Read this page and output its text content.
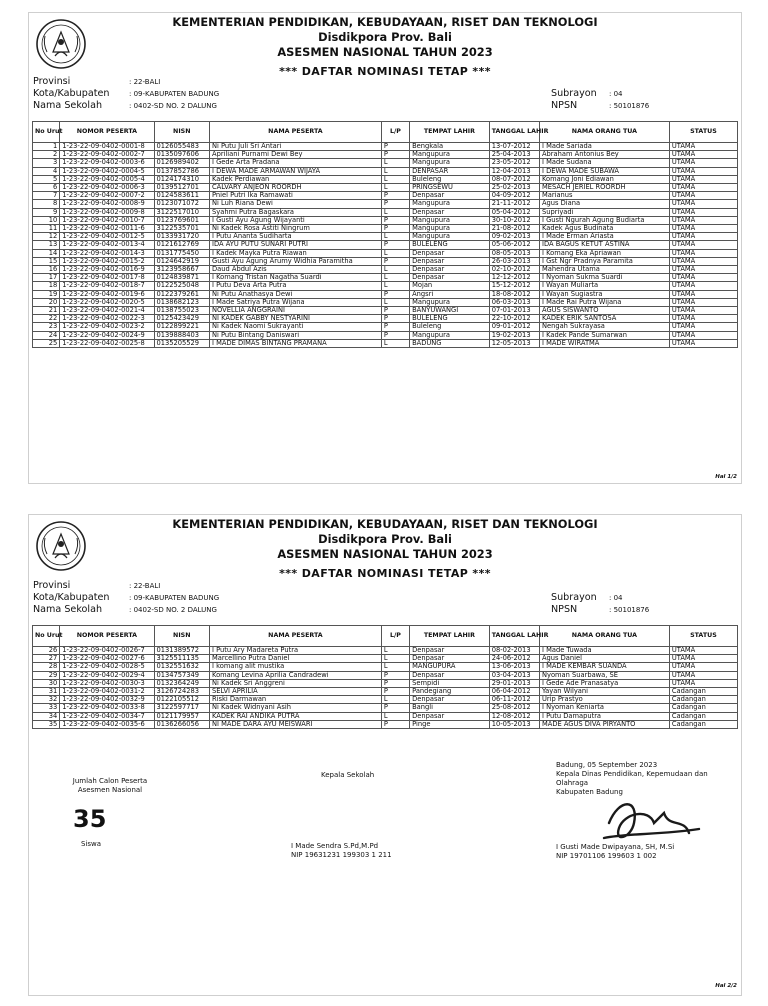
KEMENTERIAN PENDIDIKAN, KEBUDAYAAN, RISET DAN TEKNOLOGI
Disdikpora Prov. Bali
ASESMEN NASIONAL TAHUN 2023
*** DAFTAR NOMINASI TETAP ***
Provinsi	: 22-BALI
Kota/Kabupaten	: 09-KABUPATEN BADUNG
Nama Sekolah	: 0402-SD NO. 2 DALUNG
Subrayon : 04
NPSN	: 50101876
No Urut	NOMOR PESERTA	NISN	NAMA PESERTA	L/P	TEMPAT LAHIR	TANGGAL LAHIR	NAMA ORANG TUA	STATUS
1	1-23-22-09-0402-0001-8	0126055483	Ni Putu Juli Sri Antari	P	Bengkala	13-07-2012	I Made Sariada	UTAMA
2	1-23-22-09-0402-0002-7	0135097606	Apriliani Purnami Dewi Bey	P	Mangupura	25-04-2013	Abraham Antonius Bey	UTAMA
3	1-23-22-09-0402-0003-6	0126989402	I Gede Arta Pradana	L	Mangupura	23-05-2012	I Made Sudana	UTAMA
4	1-23-22-09-0402-0004-5	0137852786	I DEWA MADE ARMAWAN WIJAYA	L	DENPASAR	12-04-2013	I DEWA MADE SUBAWA	UTAMA
5	1-23-22-09-0402-0005-4	0124174310	Kadek Perdiawan	L	Buleleng	08-07-2012	Komang Joni Ediawan	UTAMA
6	1-23-22-09-0402-0006-3	0139512701	CALVARY ANJEON ROORDH	L	PRINGSEWU	25-02-2013	MESACH JERIEL ROORDH	UTAMA
7	1-23-22-09-0402-0007-2	0124583611	Pniel Putri Ika Ramawati	P	Denpasar	04-09-2012	Marianus	UTAMA
8	1-23-22-09-0402-0008-9	0123071072	Ni Luh Riana Dewi	P	Mangupura	21-11-2012	Agus Diana	UTAMA
9	1-23-22-09-0402-0009-8	3122517010	Syahmi Putra Bagaskara	L	Denpasar	05-04-2012	Supriyadi	UTAMA
10	1-23-22-09-0402-0010-7	0123769601	I Gusti Ayu Agung Wijayanti	P	Mangupura	30-10-2012	I Gusti Ngurah Agung Budiarta	UTAMA
11	1-23-22-09-0402-0011-6	3122535701	Ni Kadek Rosa Astiti Ningrum	P	Mangupura	21-08-2012	Kadek Agus Budinata	UTAMA
12	1-23-22-09-0402-0012-5	0133931720	I Putu Ananta Sudiharta	L	Mangupura	09-02-2013	I Made Erman Ariasta	UTAMA
13	1-23-22-09-0402-0013-4	0121612769	IDA AYU PUTU SUNARI PUTRI	P	BULELENG	05-06-2012	IDA BAGUS KETUT ASTINA	UTAMA
14	1-23-22-09-0402-0014-3	0131775450	I Kadek Mayka Putra Riawan	L	Denpasar	08-05-2013	I Komang Eka Apriawan	UTAMA
15	1-23-22-09-0402-0015-2	0124642919	Gusti Ayu Agung Arumy Widhia Paramitha	P	Denpasar	26-03-2013	I Gst Ngr Pradnya Paramita	UTAMA
16	1-23-22-09-0402-0016-9	3123958667	Daud Abdul Azis	L	Denpasar	02-10-2012	Mahendra Utama	UTAMA
17	1-23-22-09-0402-0017-8	0124839871	I Komang Tristan Nagatha Suardi	L	Denpasar	12-12-2012	I Nyoman Sukma Suardi	UTAMA
18	1-23-22-09-0402-0018-7	0122525048	I Putu Deva Arta Putra	L	Mojan	15-12-2012	I Wayan Muliarta	UTAMA
19	1-23-22-09-0402-0019-6	0122379261	Ni Putu Anathasya Dewi	P	Angsri	18-08-2012	I Wayan Sugiastra	UTAMA
20	1-23-22-09-0402-0020-5	0138682123	I Made Satriya Putra Wijana	L	Mangupura	06-03-2013	I Made Rai Putra Wijana	UTAMA
21	1-23-22-09-0402-0021-4	0138755023	NOVELLIA ANGGRAINI	P	BANYUWANGI	07-01-2013	AGUS SISWANTO	UTAMA
22	1-23-22-09-0402-0022-3	0125423429	NI KADEK GABBY NESTYARINI	P	BULELENG	22-10-2012	KADEK ERIK SANTOSA	UTAMA
23	1-23-22-09-0402-0023-2	0122899221	Ni Kadek Naomi Sukrayanti	P	Buleleng	09-01-2012	Nengah Sukrayasa	UTAMA
24	1-23-22-09-0402-0024-9	0139888403	Ni Putu Bintang Daniswari	P	Mangupura	19-02-2013	I Kadek Pande Sumarwan	UTAMA
25	1-23-22-09-0402-0025-8	0135205529	I MADE DIMAS BINTANG PRAMANA	L	BADUNG	12-05-2013	I MADE WIRATMA	UTAMA
Hal 1/2
KEMENTERIAN PENDIDIKAN, KEBUDAYAAN, RISET DAN TEKNOLOGI
Disdikpora Prov. Bali
ASESMEN NASIONAL TAHUN 2023
*** DAFTAR NOMINASI TETAP ***
Provinsi	: 22-BALI
Kota/Kabupaten	: 09-KABUPATEN BADUNG
Nama Sekolah	: 0402-SD NO. 2 DALUNG
Subrayon : 04
NPSN	: 50101876
No Urut	NOMOR PESERTA	NISN	NAMA PESERTA	L/P	TEMPAT LAHIR	TANGGAL LAHIR	NAMA ORANG TUA	STATUS
26	1-23-22-09-0402-0026-7	0131389572	I Putu Ary Madareta Putra	L	Denpasar	08-02-2013	I Made Tuwada	UTAMA
27	1-23-22-09-0402-0027-6	3125511135	Marcellino Putra Daniel	L	Denpasar	24-06-2012	Agus Daniel	UTAMA
28	1-23-22-09-0402-0028-5	0132551632	I komang alit mustika	L	MANGUPURA	13-06-2013	I MADE KEMBAR SUANDA	UTAMA
29	1-23-22-09-0402-0029-4	0134757349	Komang Levina Aprilia Candradewi	P	Denpasar	03-04-2013	Nyoman Suarbawa, SE	UTAMA
30	1-23-22-09-0402-0030-3	0132364249	Ni Kadek Sri Anggreni	P	Sempidi	29-01-2013	I Gede Ade Pranasatya	UTAMA
31	1-23-22-09-0402-0031-2	3126724283	SELVI APRILIA	P	Pandegiang	06-04-2012	Yayan Wilyani	Cadangan
32	1-23-22-09-0402-0032-9	0122105512	Riski Darmawan	L	Denpasar	06-11-2012	Urip Prastyo	Cadangan
33	1-23-22-09-0402-0033-8	3122597717	Ni Kadek Widnyani Asih	P	Bangli	25-08-2012	I Nyoman Keniarta	Cadangan
34	1-23-22-09-0402-0034-7	0121179957	KADEK RAI ANDIKA PUTRA	L	Denpasar	12-08-2012	I Putu Damaputra	Cadangan
35	1-23-22-09-0402-0035-6	0136266056	NI MADE DARA AYU MEISWARI	P	Pinge	10-05-2013	MADE AGUS DIVA PIRYANTO	Cadangan
Jumlah Calon Peserta
Asesmen Nasional
35
Siswa
Kepala Sekolah
I Made Sendra S.Pd,M.Pd
NIP 19631231 199303 1 211
Badung, 05 September 2023
Kepala Dinas Pendidikan, Kepemudaan dan Olahraga
Kabupaten Badung
I Gusti Made Dwipayana, SH, M.Si
NIP 19701106 199603 1 002
Hal 2/2
